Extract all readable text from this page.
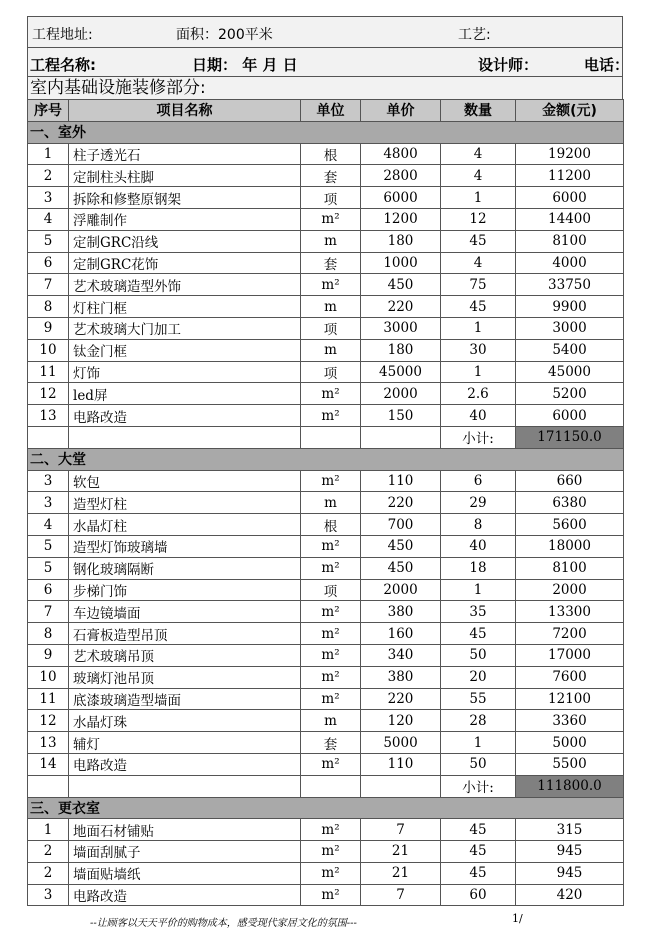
工程地址:	面积：200平米	工艺:
工程名称:	日期： 年 月 日	设计师：	电话：
室内基础设施装修部分:
序号	项目名称	单位	单价	数量	金额(元)
一、室外					
1	柱子透光石	根	4800	4	19200
2	定制柱头柱脚	套	2800	4	11200
3	拆除和修整原钢架	项	6000	1	6000
4	浮雕制作	m²	1200	12	14400
5	定制GRC沿线	m	180	45	8100
6	定制GRC花饰	套	1000	4	4000
7	艺术玻璃造型外饰	m²	450	75	33750
8	灯柱门框	m	220	45	9900
9	艺术玻璃大门加工	项	3000	1	3000
10	钛金门框	m	180	30	5400
11	灯饰	项	45000	1	45000
12	led屏	m²	2000	2.6	5200
13	电路改造	m²	150	40	6000
				小计:	171150.0
二、大堂					
3	软包	m²	110	6	660
3	造型灯柱	m	220	29	6380
4	水晶灯柱	根	700	8	5600
5	造型灯饰玻璃墙	m²	450	40	18000
5	钢化玻璃隔断	m²	450	18	8100
6	步梯门饰	项	2000	1	2000
7	车边镜墙面	m²	380	35	13300
8	石膏板造型吊顶	m²	160	45	7200
9	艺术玻璃吊顶	m²	340	50	17000
10	玻璃灯池吊顶	m²	380	20	7600
11	底漆玻璃造型墙面	m²	220	55	12100
12	水晶灯珠	m	120	28	3360
13	辅灯	套	5000	1	5000
14	电路改造	m²	110	50	5500
				小计:	111800.0
三、更衣室					
1	地面石材铺贴	m²	7	45	315
2	墙面刮腻子	m²	21	45	945
2	墙面贴墙纸	m²	21	45	945
3	电路改造	m²	7	60	420
--让顾客以天天平价的购物成本，感受现代家居文化的氛围---	1/
